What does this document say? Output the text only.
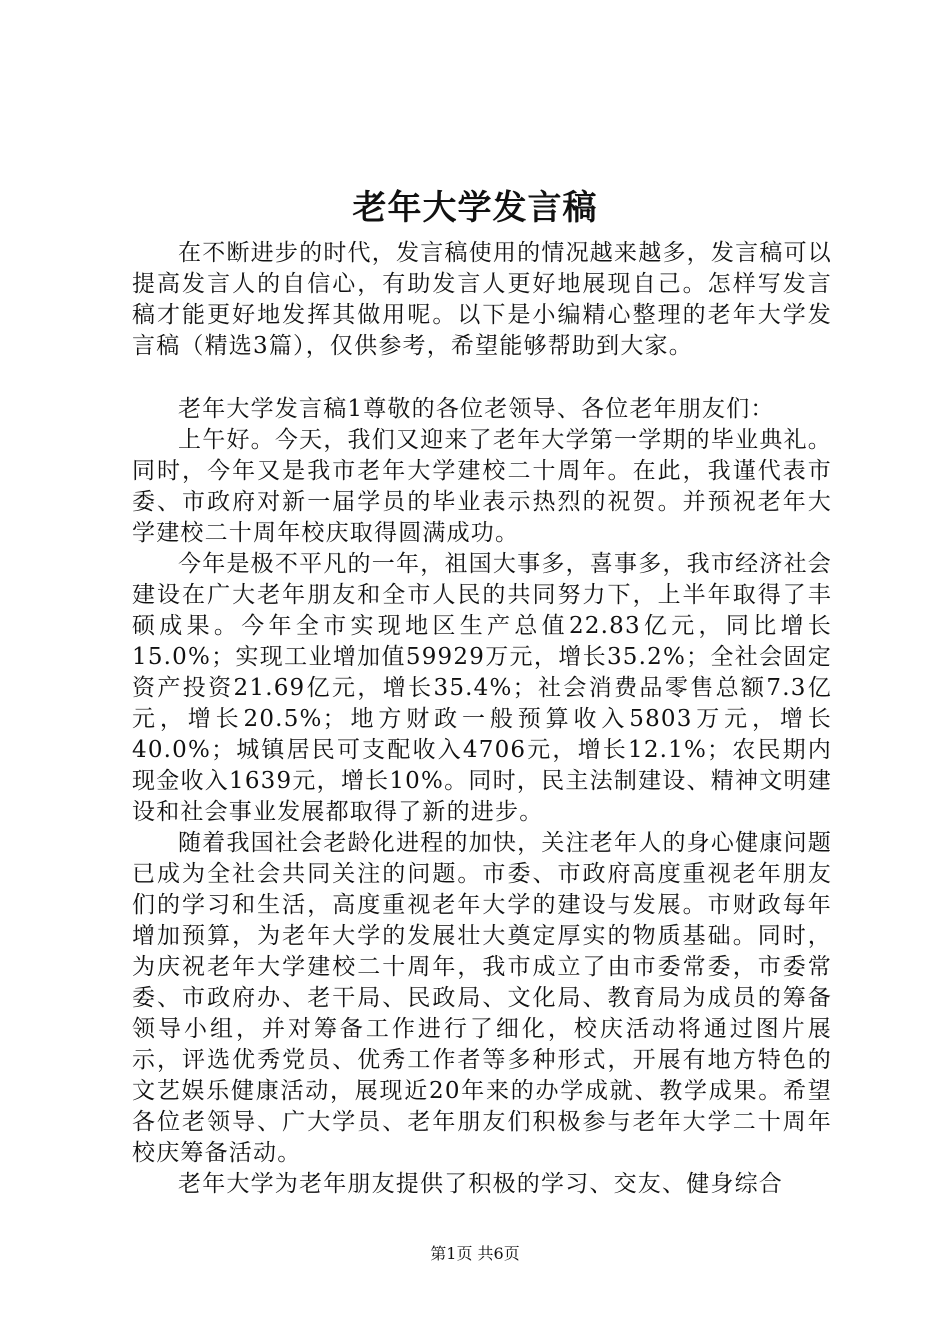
老年大学发言稿

在不断进步的时代，发言稿使用的情况越来越多，发言稿可以提高发言人的自信心，有助发言人更好地展现自己。怎样写发言稿才能更好地发挥其做用呢。以下是小编精心整理的老年大学发言稿（精选3篇），仅供参考，希望能够帮助到大家。

老年大学发言稿1尊敬的各位老领导、各位老年朋友们：

上午好。今天，我们又迎来了老年大学第一学期的毕业典礼。同时，今年又是我市老年大学建校二十周年。在此，我谨代表市委、市政府对新一届学员的毕业表示热烈的祝贺。并预祝老年大学建校二十周年校庆取得圆满成功。

今年是极不平凡的一年，祖国大事多，喜事多，我市经济社会建设在广大老年朋友和全市人民的共同努力下，上半年取得了丰硕成果。今年全市实现地区生产总值22.83亿元，同比增长15.0%；实现工业增加值59929万元，增长35.2%；全社会固定资产投资21.69亿元，增长35.4%；社会消费品零售总额7.3亿元，增长20.5%；地方财政一般预算收入5803万元，增长40.0%；城镇居民可支配收入4706元，增长12.1%；农民期内现金收入1639元，增长10%。同时，民主法制建设、精神文明建设和社会事业发展都取得了新的进步。

随着我国社会老龄化进程的加快，关注老年人的身心健康问题已成为全社会共同关注的问题。市委、市政府高度重视老年朋友们的学习和生活，高度重视老年大学的建设与发展。市财政每年增加预算，为老年大学的发展壮大奠定厚实的物质基础。同时，为庆祝老年大学建校二十周年，我市成立了由市委常委，市委常委、市政府办、老干局、民政局、文化局、教育局为成员的筹备领导小组，并对筹备工作进行了细化，校庆活动将通过图片展示，评选优秀党员、优秀工作者等多种形式，开展有地方特色的文艺娱乐健康活动，展现近20年来的办学成就、教学成果。希望各位老领导、广大学员、老年朋友们积极参与老年大学二十周年校庆筹备活动。

老年大学为老年朋友提供了积极的学习、交友、健身综合

第1页 共6页
